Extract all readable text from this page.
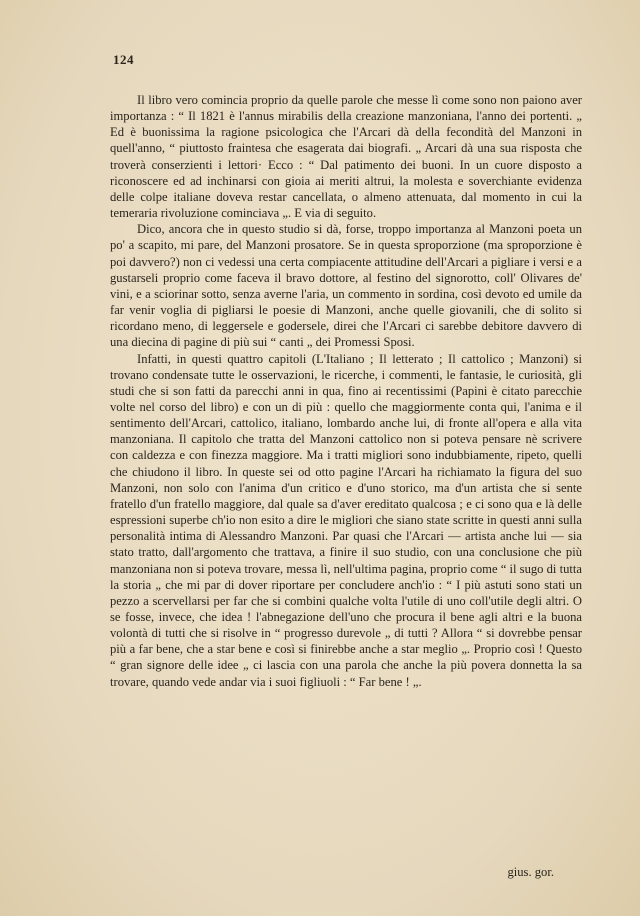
124

Il libro vero comincia proprio da quelle parole che messe lì come sono non paiono aver importanza : “ Il 1821 è l'annus mirabilis della creazione manzoniana, l'anno dei portenti. „ Ed è buonissima la ragione psicologica che l'Arcari dà della fecondità del Manzoni in quell'anno, “ piuttosto fraintesa che esagerata dai biografi. „ Arcari dà una sua risposta che troverà conserzienti i lettori· Ecco : “ Dal patimento dei buoni. In un cuore disposto a riconoscere ed ad inchinarsi con gioia ai meriti altrui, la molesta e soverchiante evidenza delle colpe italiane doveva restar cancellata, o almeno attenuata, dal momento in cui la temeraria rivoluzione cominciava „. E via di seguito.

Dico, ancora che in questo studio si dà, forse, troppo importanza al Manzoni poeta un po' a scapito, mi pare, del Manzoni prosatore. Se in questa sproporzione (ma sproporzione è poi davvero?) non ci vedessi una certa compiacente attitudine dell'Arcari a pigliare i versi e a gustarseli proprio come faceva il bravo dottore, al festino del signorotto, coll' Olivares de' vini, e a sciorinar sotto, senza averne l'aria, un commento in sordina, così devoto ed umile da far venir voglia di pigliarsi le poesie di Manzoni, anche quelle giovanili, che di solito si ricordano meno, di leggersele e godersele, direi che l'Arcari ci sarebbe debitore davvero di una diecina di pagine di più sui “ canti „ dei Promessi Sposi.

Infatti, in questi quattro capitoli (L'Italiano ; Il letterato ; Il cattolico ; Manzoni) si trovano condensate tutte le osservazioni, le ricerche, i commenti, le fantasie, le curiosità, gli studi che si son fatti da parecchi anni in qua, fino ai recentissimi (Papini è citato parecchie volte nel corso del libro) e con un di più : quello che maggiormente conta qui, l'anima e il sentimento dell'Arcari, cattolico, italiano, lombardo anche lui, di fronte all'opera e alla vita manzoniana. Il capitolo che tratta del Manzoni cattolico non si poteva pensare nè scrivere con caldezza e con finezza maggiore. Ma i tratti migliori sono indubbiamente, ripeto, quelli che chiudono il libro. In queste sei od otto pagine l'Arcari ha richiamato la figura del suo Manzoni, non solo con l'anima d'un critico e d'uno storico, ma d'un artista che si sente fratello d'un fratello maggiore, dal quale sa d'aver ereditato qualcosa ; e ci sono qua e là delle espressioni superbe ch'io non esito a dire le migliori che siano state scritte in questi anni sulla personalità intima di Alessandro Manzoni. Par quasi che l'Arcari — artista anche lui — sia stato tratto, dall'argomento che trattava, a finire il suo studio, con una conclusione che più manzoniana non si poteva trovare, messa lì, nell'ultima pagina, proprio come “ il sugo di tutta la storia „ che mi par di dover riportare per concludere anch'io : “ I più astuti sono stati un pezzo a scervellarsi per far che si combini qualche volta l'utile di uno coll'utile degli altri. O se fosse, invece, che idea ! l'abnegazione dell'uno che procura il bene agli altri e la buona volontà di tutti che si risolve in “ progresso durevole „ di tutti ? Allora “ si dovrebbe pensar più a far bene, che a star bene e così si finirebbe anche a star meglio „. Proprio così ! Questo “ gran signore delle idee „ ci lascia con una parola che anche la più povera donnetta la sa trovare, quando vede andar via i suoi figliuoli : “ Far bene ! „.

gius. gor.
